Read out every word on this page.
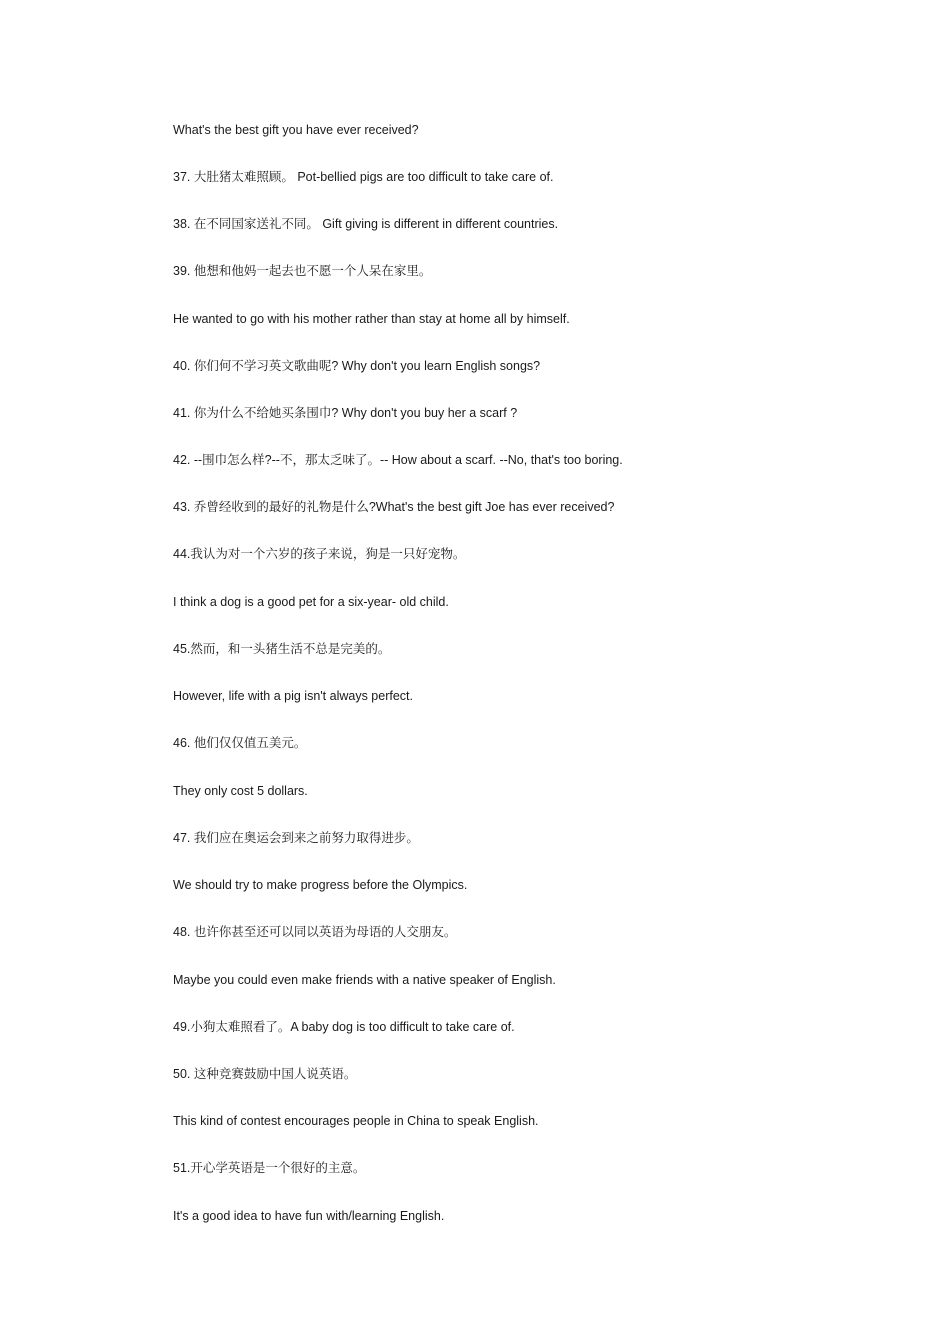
What's the best gift you have ever received?
37. 大肚猪太难照顾。 Pot-bellied pigs are too difficult to take care of.
38. 在不同国家送礼不同。 Gift giving is different in different countries.
39. 他想和他妈一起去也不愿一个人呆在家里。
He wanted to go with his mother rather than stay at home all by himself.
40. 你们何不学习英文歌曲呢? Why don't you learn English songs?
41. 你为什么不给她买条围巾? Why don't you buy her a scarf ?
42. --围巾怎么样?--不，那太乏味了。-- How about a scarf. --No, that's too boring.
43. 乔曾经收到的最好的礼物是什么?What's the best gift Joe has ever received?
44.我认为对一个六岁的孩子来说，狗是一只好宠物。
I think a dog is a good pet for a six-year- old child.
45.然而，和一头猪生活不总是完美的。
However, life with a pig isn't always perfect.
46. 他们仅仅值五美元。
They only cost 5 dollars.
47. 我们应在奥运会到来之前努力取得进步。
We should try to make progress before the Olympics.
48. 也许你甚至还可以同以英语为母语的人交朋友。
Maybe you could even make friends with a native speaker of English.
49.小狗太难照看了。A baby dog is too difficult to take care of.
50. 这种竞赛鼓励中国人说英语。
This kind of contest encourages people in China to speak English.
51.开心学英语是一个很好的主意。
It's a good idea to have fun with/learning English.
